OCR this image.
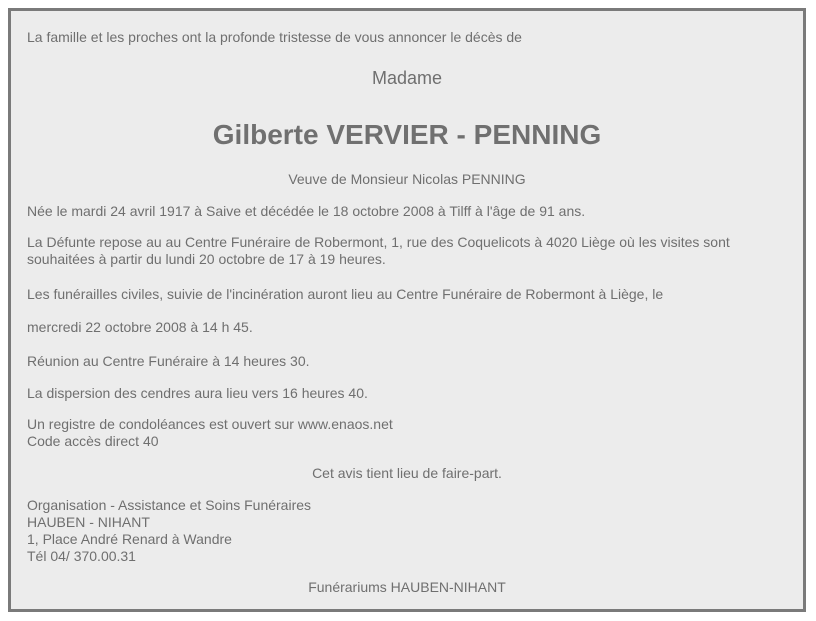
La famille et les proches ont la profonde tristesse de vous annoncer le décès de
Madame
Gilberte VERVIER - PENNING
Veuve de Monsieur Nicolas PENNING
Née le mardi 24 avril 1917 à Saive et décédée le 18 octobre 2008 à Tilff à l'âge de 91 ans.
La Défunte repose au au Centre Funéraire de Robermont, 1, rue des Coquelicots à 4020 Liège où les visites sont
souhaitées à partir du lundi 20 octobre de 17 à 19 heures.
Les funérailles civiles, suivie de l'incinération auront lieu au Centre Funéraire de Robermont à Liège, le
mercredi 22 octobre 2008 à 14 h 45.
Réunion au Centre Funéraire à 14 heures 30.
La dispersion des cendres aura lieu vers 16 heures 40.
Un registre de condoléances est ouvert sur www.enaos.net
Code accès direct 40
Cet avis tient lieu de faire-part.
Organisation - Assistance et Soins Funéraires
HAUBEN - NIHANT
1, Place André Renard à Wandre
Tél 04/ 370.00.31
Funérariums HAUBEN-NIHANT
